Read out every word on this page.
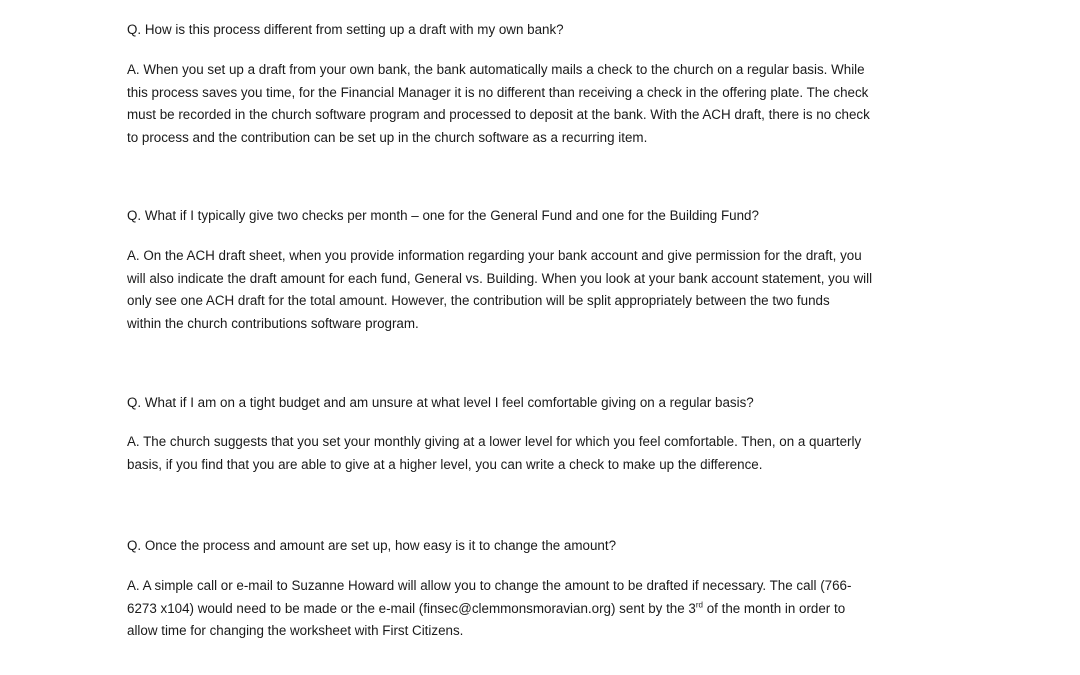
Q. How is this process different from setting up a draft with my own bank?

A. When you set up a draft from your own bank, the bank automatically mails a check to the church on a regular basis. While
this process saves you time, for the Financial Manager it is no different than receiving a check in the offering plate. The check
must be recorded in the church software program and processed to deposit at the bank. With the ACH draft, there is no check
to process and the contribution can be set up in the church software as a recurring item.

Q. What if I typically give two checks per month – one for the General Fund and one for the Building Fund?

A. On the ACH draft sheet, when you provide information regarding your bank account and give permission for the draft, you
will also indicate the draft amount for each fund, General vs. Building. When you look at your bank account statement, you will
only see one ACH draft for the total amount. However, the contribution will be split appropriately between the two funds
within the church contributions software program.

Q. What if I am on a tight budget and am unsure at what level I feel comfortable giving on a regular basis?

A. The church suggests that you set your monthly giving at a lower level for which you feel comfortable. Then, on a quarterly
basis, if you find that you are able to give at a higher level, you can write a check to make up the difference.

Q. Once the process and amount are set up, how easy is it to change the amount?

A. A simple call or e-mail to Suzanne Howard will allow you to change the amount to be drafted if necessary. The call (766-
6273 x104) would need to be made or the e-mail (finsec@clemmonsmoravian.org) sent by the 3rd of the month in order to
allow time for changing the worksheet with First Citizens.
